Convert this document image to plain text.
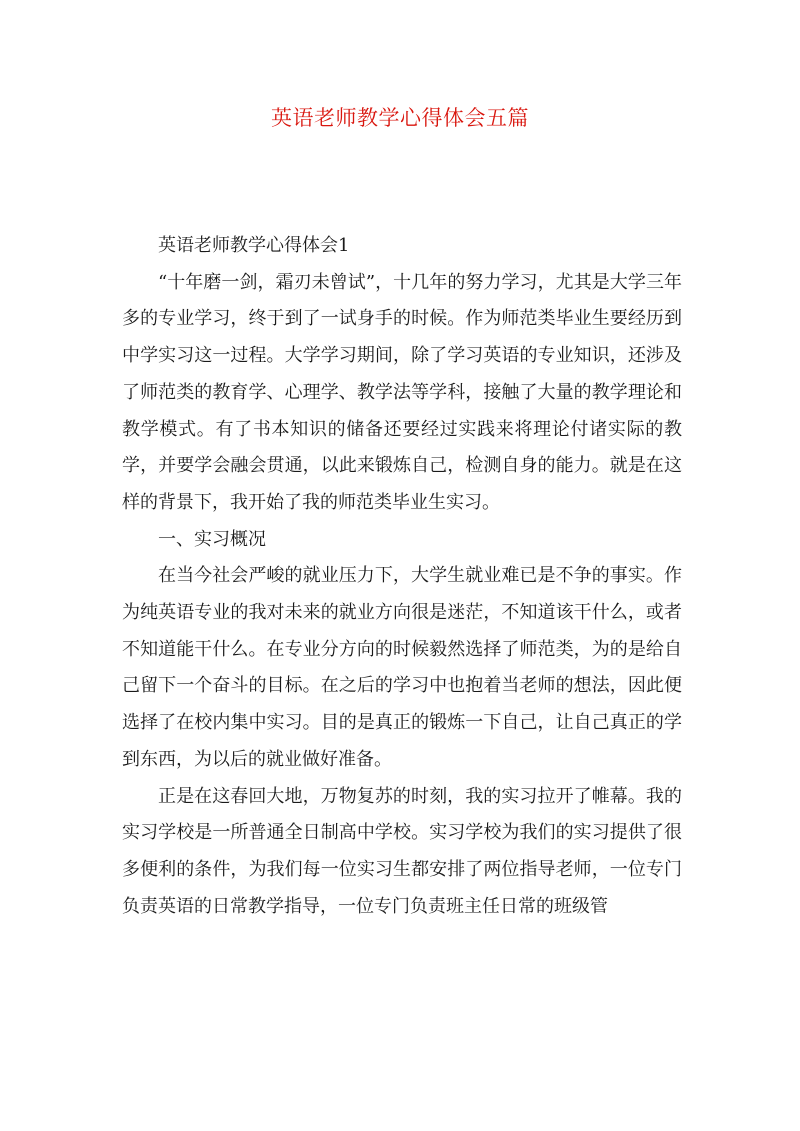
英语老师教学心得体会五篇

英语老师教学心得体会1

“十年磨一剑，霜刃未曾试”，十几年的努力学习，尤其是大学三年多的专业学习，终于到了一试身手的时候。作为师范类毕业生要经历到中学实习这一过程。大学学习期间，除了学习英语的专业知识，还涉及了师范类的教育学、心理学、教学法等学科，接触了大量的教学理论和教学模式。有了书本知识的储备还要经过实践来将理论付诸实际的教学，并要学会融会贯通，以此来锻炼自己，检测自身的能力。就是在这样的背景下，我开始了我的师范类毕业生实习。

一、实习概况

在当今社会严峻的就业压力下，大学生就业难已是不争的事实。作为纯英语专业的我对未来的就业方向很是迷茫，不知道该干什么，或者不知道能干什么。在专业分方向的时候毅然选择了师范类，为的是给自己留下一个奋斗的目标。在之后的学习中也抱着当老师的想法，因此便选择了在校内集中实习。目的是真正的锻炼一下自己，让自己真正的学到东西，为以后的就业做好准备。

正是在这春回大地，万物复苏的时刻，我的实习拉开了帷幕。我的实习学校是一所普通全日制高中学校。实习学校为我们的实习提供了很多便利的条件，为我们每一位实习生都安排了两位指导老师，一位专门负责英语的日常教学指导，一位专门负责班主任日常的班级管
